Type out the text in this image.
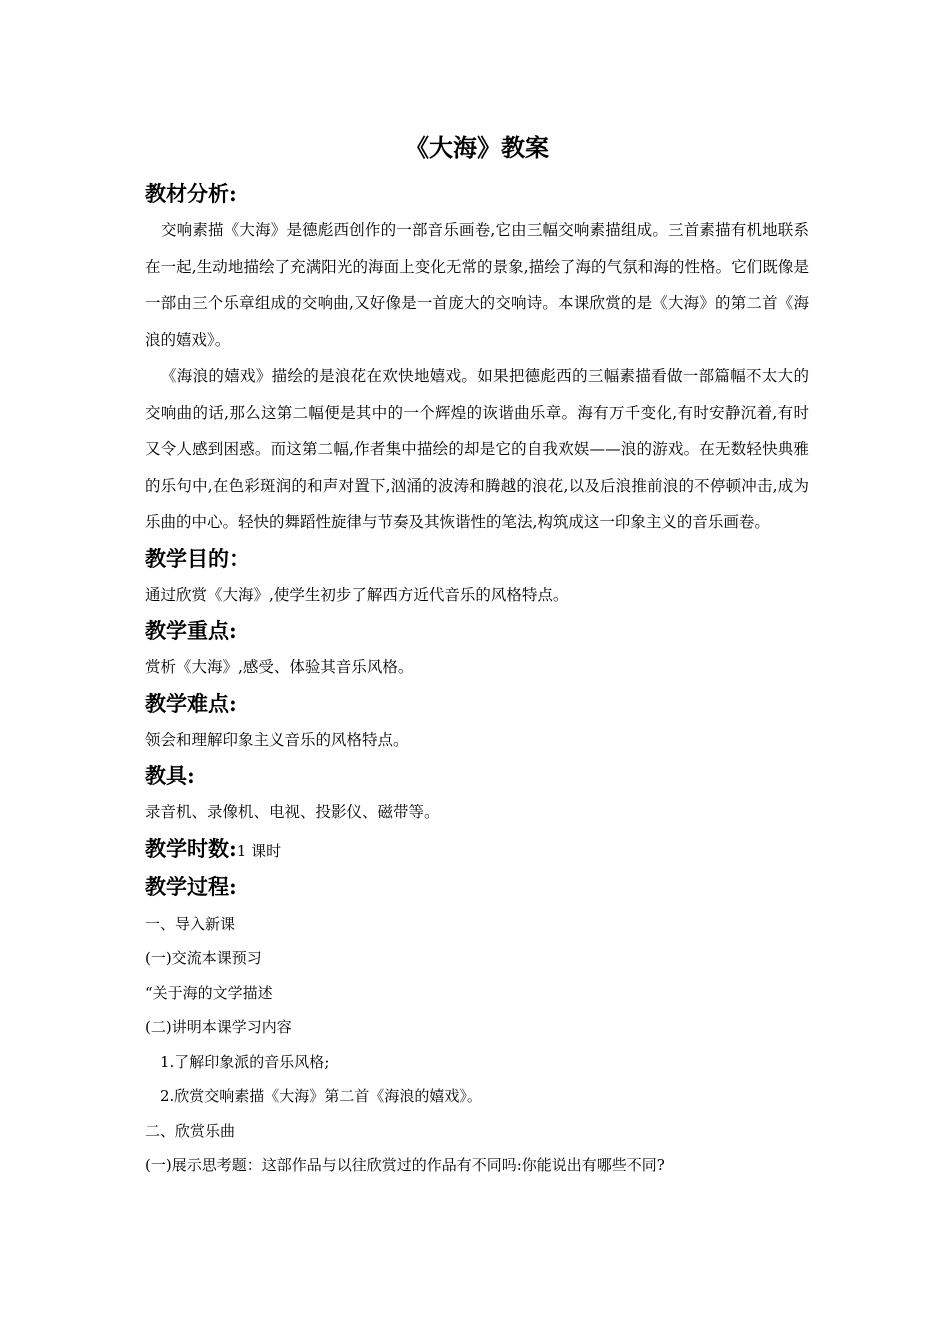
《大海》教案
教材分析:
交响素描《大海》是德彪西创作的一部音乐画卷,它由三幅交响素描组成。三首素描有机地联系在一起,生动地描绘了充满阳光的海面上变化无常的景象,描绘了海的气氛和海的性格。它们既像是一部由三个乐章组成的交响曲,又好像是一首庞大的交响诗。本课欣赏的是《大海》的第二首《海浪的嬉戏》。
《海浪的嬉戏》描绘的是浪花在欢快地嬉戏。如果把德彪西的三幅素描看做一部篇幅不太大的交响曲的话,那么这第二幅便是其中的一个辉煌的诙谐曲乐章。海有万千变化,有时安静沉着,有时又令人感到困惑。而这第二幅,作者集中描绘的却是它的自我欢娱——浪的游戏。在无数轻快典雅的乐句中,在色彩斑润的和声对置下,汹涌的波涛和腾越的浪花,以及后浪推前浪的不停顿冲击,成为乐曲的中心。轻快的舞蹈性旋律与节奏及其恢谐性的笔法,构筑成这一印象主义的音乐画卷。
教学目的：
通过欣赏《大海》,使学生初步了解西方近代音乐的风格特点。
教学重点:
赏析《大海》,感受、体验其音乐风格。
教学难点:
领会和理解印象主义音乐的风格特点。
教具:
录音机、录像机、电视、投影仪、磁带等。
教学时数:1 课时
教学过程:
一、导入新课
(一)交流本课预习
“关于海的文学描述
(二)讲明本课学习内容
1.了解印象派的音乐风格;
2.欣赏交响素描《大海》第二首《海浪的嬉戏》。
二、欣赏乐曲
(一)展示思考题：这部作品与以往欣赏过的作品有不同吗:你能说出有哪些不同?
